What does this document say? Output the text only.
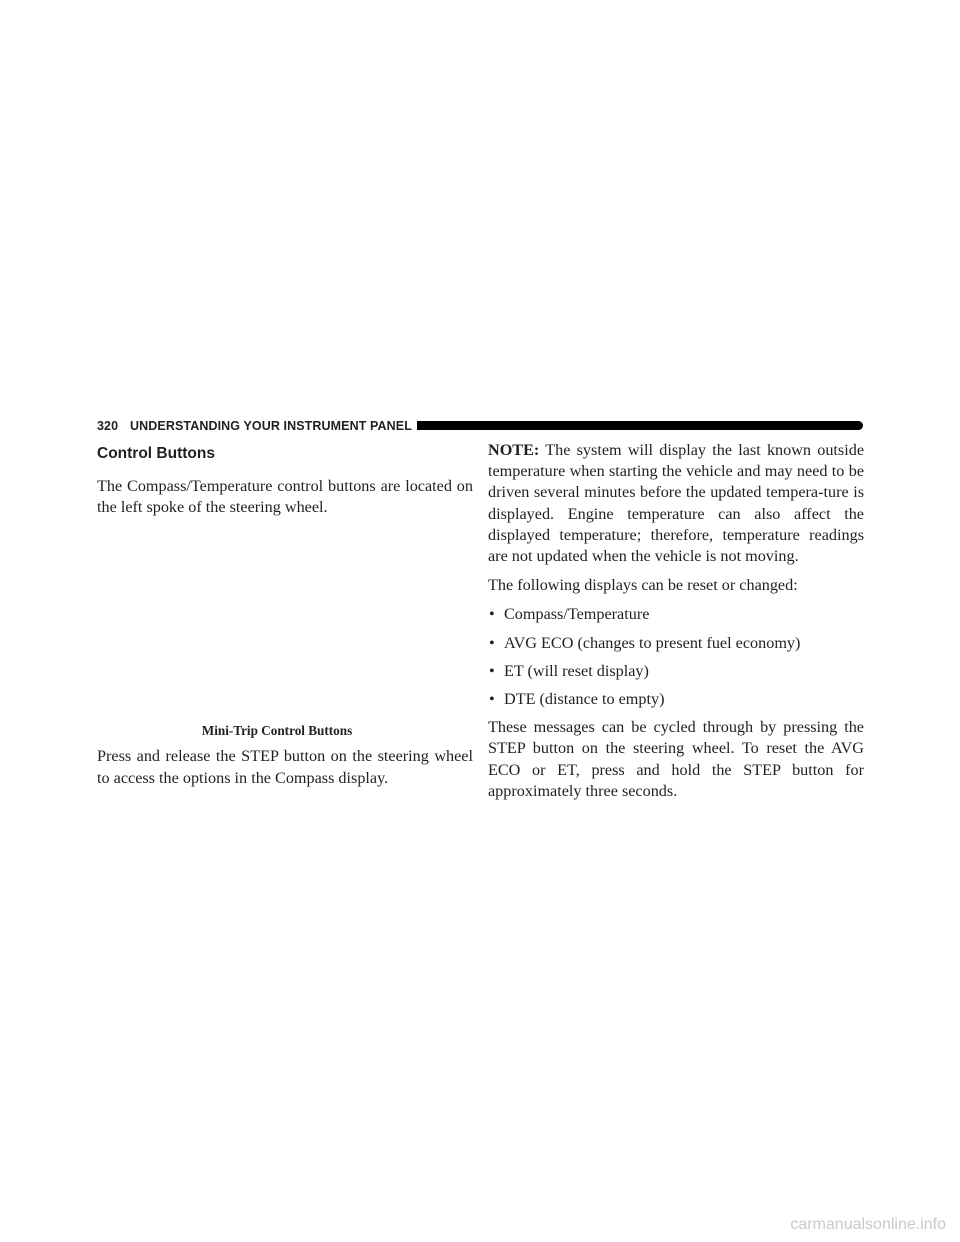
320 UNDERSTANDING YOUR INSTRUMENT PANEL
Control Buttons

The Compass/Temperature control buttons are located on the left spoke of the steering wheel.

Mini-Trip Control Buttons

Press and release the STEP button on the steering wheel to access the options in the Compass display.

NOTE: The system will display the last known outside temperature when starting the vehicle and may need to be driven several minutes before the updated tempera-ture is displayed. Engine temperature can also affect the displayed temperature; therefore, temperature readings are not updated when the vehicle is not moving.

The following displays can be reset or changed:

• Compass/Temperature
• AVG ECO (changes to present fuel economy)
• ET (will reset display)
• DTE (distance to empty)

These messages can be cycled through by pressing the STEP button on the steering wheel. To reset the AVG ECO or ET, press and hold the STEP button for approximately three seconds.

carmanualsonline.info
